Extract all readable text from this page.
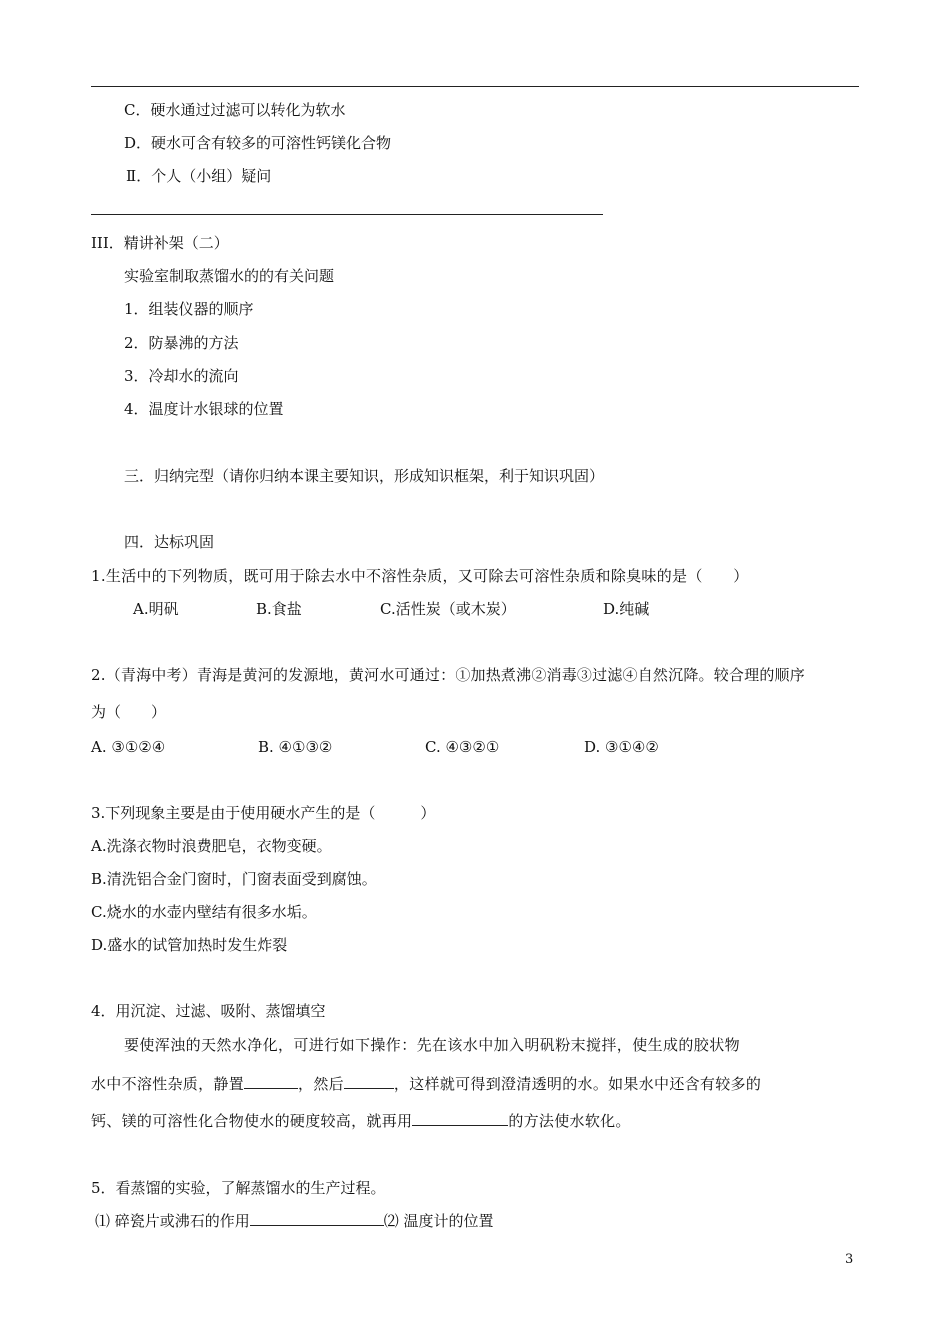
C．硬水通过过滤可以转化为软水
D．硬水可含有较多的可溶性钙镁化合物
Ⅱ．个人（小组）疑问
III．精讲补架（二）
实验室制取蒸馏水的的有关问题
1．组装仪器的顺序
2．防暴沸的方法
3．冷却水的流向
4．温度计水银球的位置
三．归纳完型（请你归纳本课主要知识，形成知识框架，利于知识巩固）
四．达标巩固
1.生活中的下列物质，既可用于除去水中不溶性杂质，又可除去可溶性杂质和除臭味的是（　　）
A.明矾	B.食盐	C.活性炭（或木炭）	D.纯碱
2.（青海中考）青海是黄河的发源地，黄河水可通过：①加热煮沸②消毒③过滤④自然沉降。较合理的顺序
为（　　）
A. ③①②④	B. ④①③②	C. ④③②①	D. ③①④②
3.下列现象主要是由于使用硬水产生的是（　　　）
A.洗涤衣物时浪费肥皂，衣物变硬。
B.清洗铝合金门窗时，门窗表面受到腐蚀。
C.烧水的水壶内壁结有很多水垢。
D.盛水的试管加热时发生炸裂
4．用沉淀、过滤、吸附、蒸馏填空
要使浑浊的天然水净化，可进行如下操作：先在该水中加入明矾粉末搅拌，使生成的胶状物
水中不溶性杂质，静置	，然后	，这样就可得到澄清透明的水。如果水中还含有较多的
钙、镁的可溶性化合物使水的硬度较高，就再用	的方法使水软化。
5．看蒸馏的实验，了解蒸馏水的生产过程。
⑴ 碎瓷片或沸石的作用	⑵ 温度计的位置
3
